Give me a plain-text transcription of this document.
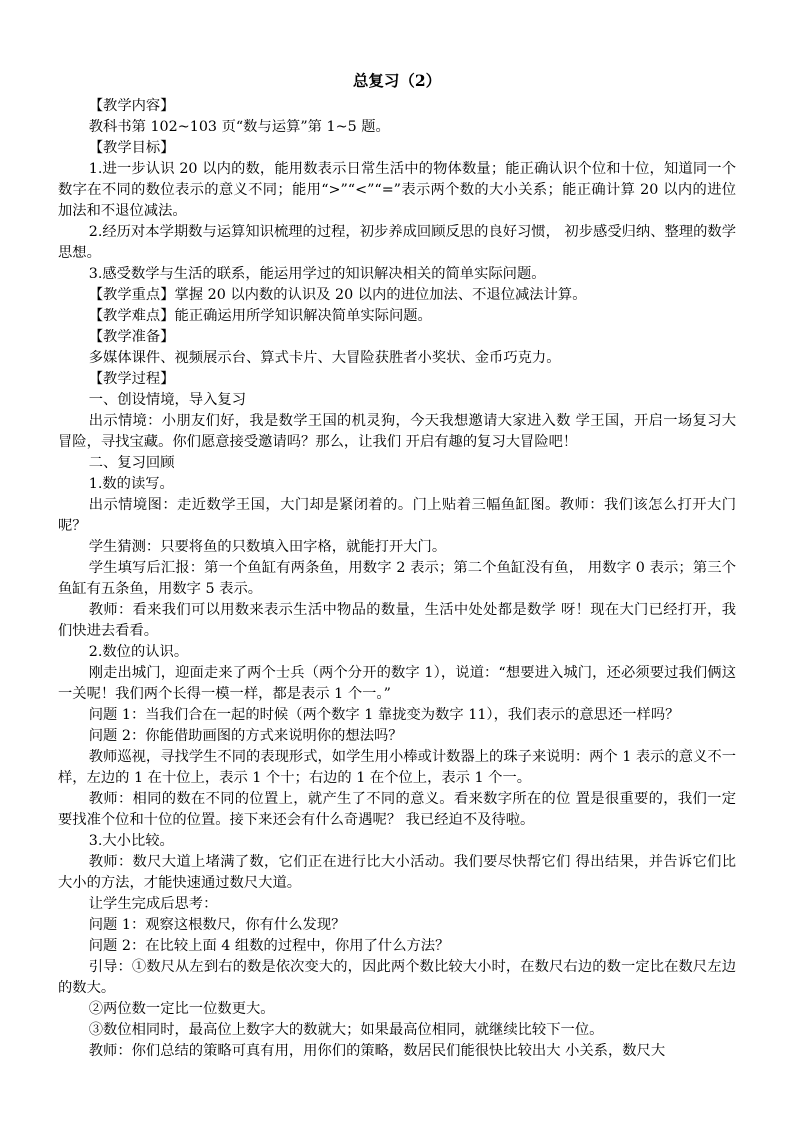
总复习（2）

【教学内容】

教科书第 102~103 页“数与运算”第 1~5 题。

【教学目标】

1.进一步认识 20 以内的数，能用数表示日常生活中的物体数量；能正确认识个位和十位，知道同一个数字在不同的数位表示的意义不同；能用“>”“<”“=”表示两个数的大小关系；能正确计算 20 以内的进位加法和不退位减法。

2.经历对本学期数与运算知识梳理的过程，初步养成回顾反思的良好习惯， 初步感受归纳、整理的数学思想。

3.感受数学与生活的联系，能运用学过的知识解决相关的简单实际问题。

【教学重点】掌握 20 以内数的认识及 20 以内的进位加法、不退位减法计算。

【教学难点】能正确运用所学知识解决简单实际问题。

【教学准备】

多媒体课件、视频展示台、算式卡片、大冒险获胜者小奖状、金币巧克力。

【教学过程】

一、创设情境，导入复习

出示情境：小朋友们好，我是数学王国的机灵狗，今天我想邀请大家进入数 学王国，开启一场复习大冒险，寻找宝藏。你们愿意接受邀请吗？那么，让我们 开启有趣的复习大冒险吧！

二、复习回顾

1.数的读写。

出示情境图：走近数学王国，大门却是紧闭着的。门上贴着三幅鱼缸图。教师：我们该怎么打开大门呢？

学生猜测：只要将鱼的只数填入田字格，就能打开大门。

学生填写后汇报：第一个鱼缸有两条鱼，用数字 2 表示；第二个鱼缸没有鱼， 用数字 0 表示；第三个鱼缸有五条鱼，用数字 5 表示。

教师：看来我们可以用数来表示生活中物品的数量，生活中处处都是数学 呀！现在大门已经打开，我们快进去看看。

2.数位的认识。

刚走出城门，迎面走来了两个士兵（两个分开的数字 1），说道：“想要进入城门，还必须要过我们俩这一关呢！我们两个长得一模一样，都是表示 1 个一。”

问题 1：当我们合在一起的时候（两个数字 1 靠拢变为数字 11），我们表示的意思还一样吗？

问题 2：你能借助画图的方式来说明你的想法吗？

教师巡视，寻找学生不同的表现形式，如学生用小棒或计数器上的珠子来说明：两个 1 表示的意义不一样，左边的 1 在十位上，表示 1 个十；右边的 1 在个位上，表示 1 个一。

教师：相同的数在不同的位置上，就产生了不同的意义。看来数字所在的位 置是很重要的，我们一定要找准个位和十位的位置。接下来还会有什么奇遇呢？ 我已经迫不及待啦。

3.大小比较。

教师：数尺大道上堵满了数，它们正在进行比大小活动。我们要尽快帮它们 得出结果，并告诉它们比大小的方法，才能快速通过数尺大道。

让学生完成后思考：

问题 1：观察这根数尺，你有什么发现？

问题 2：在比较上面 4 组数的过程中，你用了什么方法？

引导：①数尺从左到右的数是依次变大的，因此两个数比较大小时，在数尺右边的数一定比在数尺左边的数大。

②两位数一定比一位数更大。

③数位相同时，最高位上数字大的数就大；如果最高位相同，就继续比较下一位。

教师：你们总结的策略可真有用，用你们的策略，数居民们能很快比较出大 小关系，数尺大
